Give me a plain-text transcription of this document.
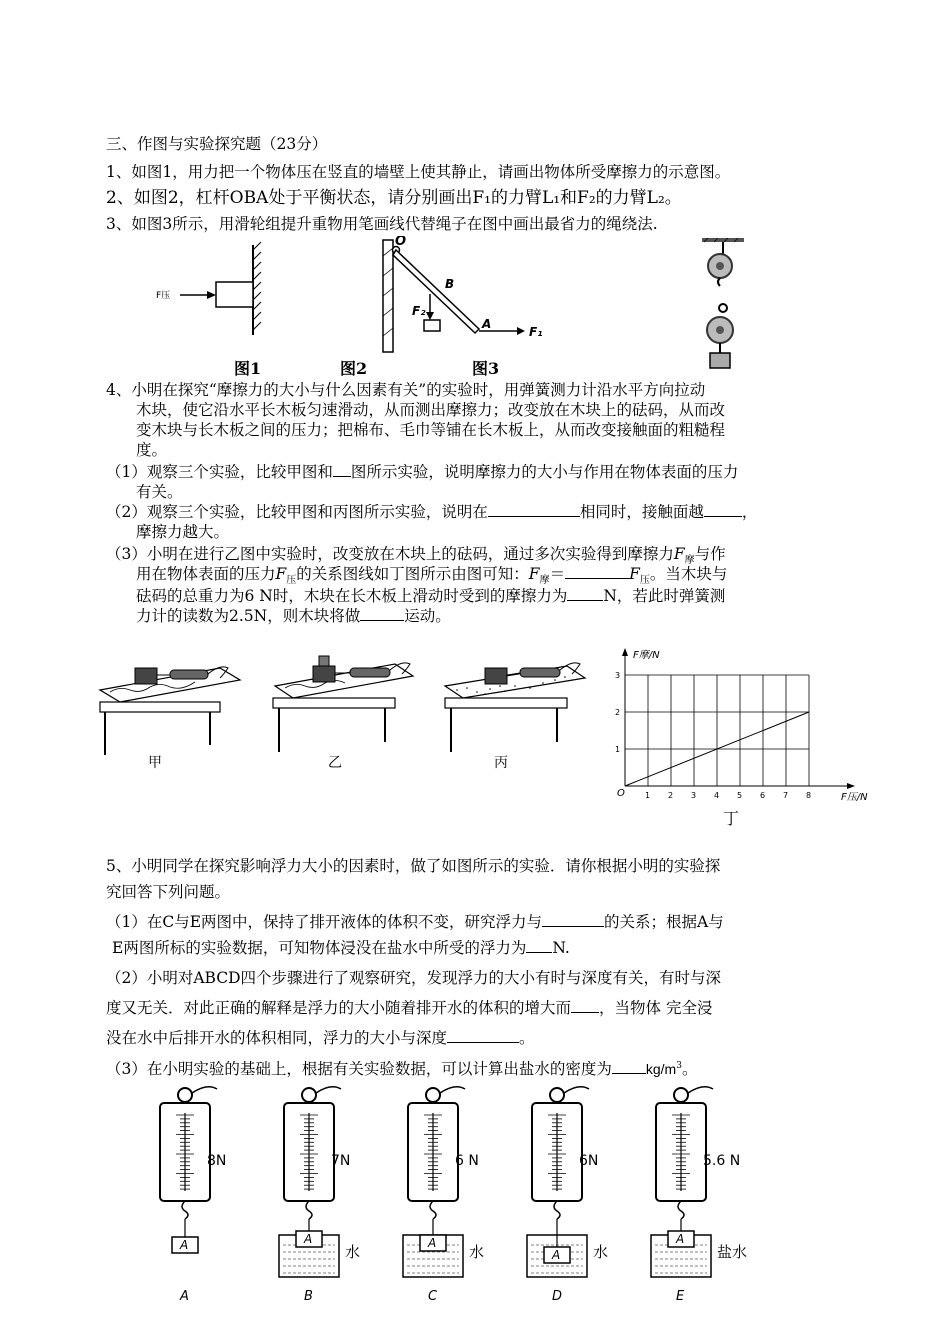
三、作图与实验探究题（23分）
1、如图1，用力把一个物体压在竖直的墙壁上使其静止，请画出物体所受摩擦力的示意图。
2、如图2，杠杆OBA处于平衡状态，请分别画出F₁的力臂L₁和F₂的力臂L₂。
3、如图3所示，用滑轮组提升重物用笔画线代替绳子在图中画出最省力的绳绕法.
F压
O
B
F₂
A
F₁
图1	图2	图3
4、小明在探究“摩擦力的大小与什么因素有关”的实验时，用弹簧测力计沿水平方向拉动
木块，使它沿水平长木板匀速滑动，从而测出摩擦力；改变放在木块上的砝码，从而改
变木块与长木板之间的压力；把棉布、毛巾等铺在长木板上，从而改变接触面的粗糙程
度。
（1）观察三个实验，比较甲图和 图所示实验，说明摩擦力的大小与作用在物体表面的压力
有关。
（2）观察三个实验，比较甲图和丙图所示实验，说明在	相同时，接触面越 ，
摩擦力越大。
（3）小明在进行乙图中实验时，改变放在木块上的砝码，通过多次实验得到摩擦力$F_摩$与作
用在物体表面的压力$F_压$的关系图线如丁图所示由图可知：$F_摩=$	$F_压$。当木块与
砝码的总重力为6 N时，木块在长木板上滑动时受到的摩擦力为 N，若此时弹簧测
力计的读数为2.5N，则木块将做	运动。
甲	乙	丙
1 2 3 4 5 6 7 8
1
2
3
F摩/N
F压/N
O
丁
5、小明同学在探究影响浮力大小的因素时，做了如图所示的实验．请你根据小明的实验探
究回答下列问题。
（1）在C与E两图中，保持了排开液体的体积不变，研究浮力与	的关系；根据A与
E两图所标的实验数据，可知物体浸没在盐水中所受的浮力为 N.
（2）小明对ABCD四个步骤进行了观察研究，发现浮力的大小有时与深度有关，有时与深
度又无关．对此正确的解释是浮力的大小随着排开水的体积的增大而 ，当物体 完全浸
没在水中后排开水的体积相同，浮力的大小与深度	。
（3）在小明实验的基础上，根据有关实验数据，可以计算出盐水的密度为 $kg/m^3$。
8N
A
A
7N
水
A
B
6 N
水
A
C
6N
水
A
D
5.6 N
盐水
A
E
